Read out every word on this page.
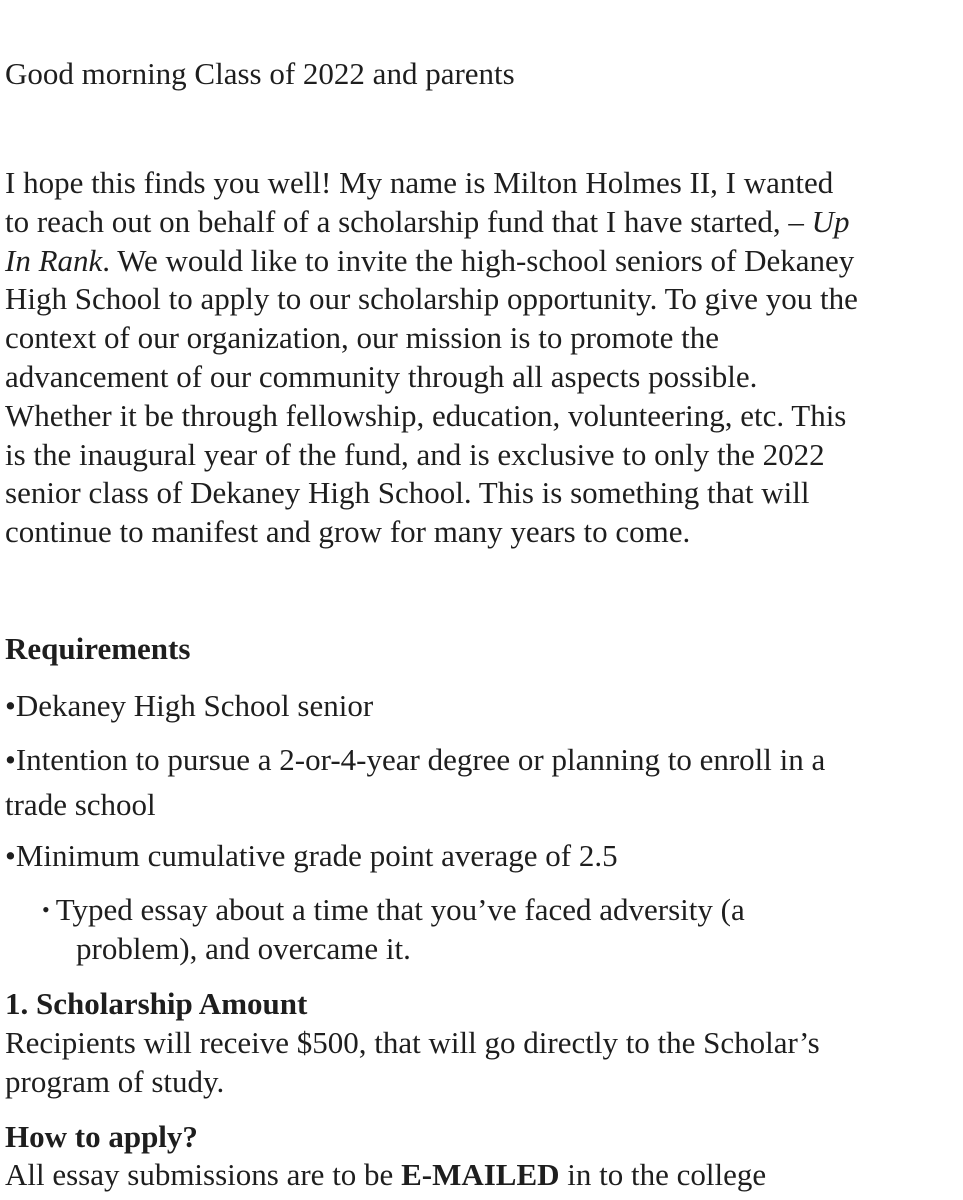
Good morning Class of 2022 and parents

I hope this finds you well! My name is Milton Holmes II, I wanted
to reach out on behalf of a scholarship fund that I have started, – Up
In Rank. We would like to invite the high-school seniors of Dekaney
High School to apply to our scholarship opportunity. To give you the
context of our organization, our mission is to promote the
advancement of our community through all aspects possible.
Whether it be through fellowship, education, volunteering, etc. This
is the inaugural year of the fund, and is exclusive to only the 2022
senior class of Dekaney High School. This is something that will
continue to manifest and grow for many years to come.

Requirements

•Dekaney High School senior

•Intention to pursue a 2-or-4-year degree or planning to enroll in a
trade school

•Minimum cumulative grade point average of 2.5

• Typed essay about a time that you’ve faced adversity (a
problem), and overcame it.

1. Scholarship Amount

Recipients will receive $500, that will go directly to the Scholar’s
program of study.

How to apply?

All essay submissions are to be E-MAILED in to the college
